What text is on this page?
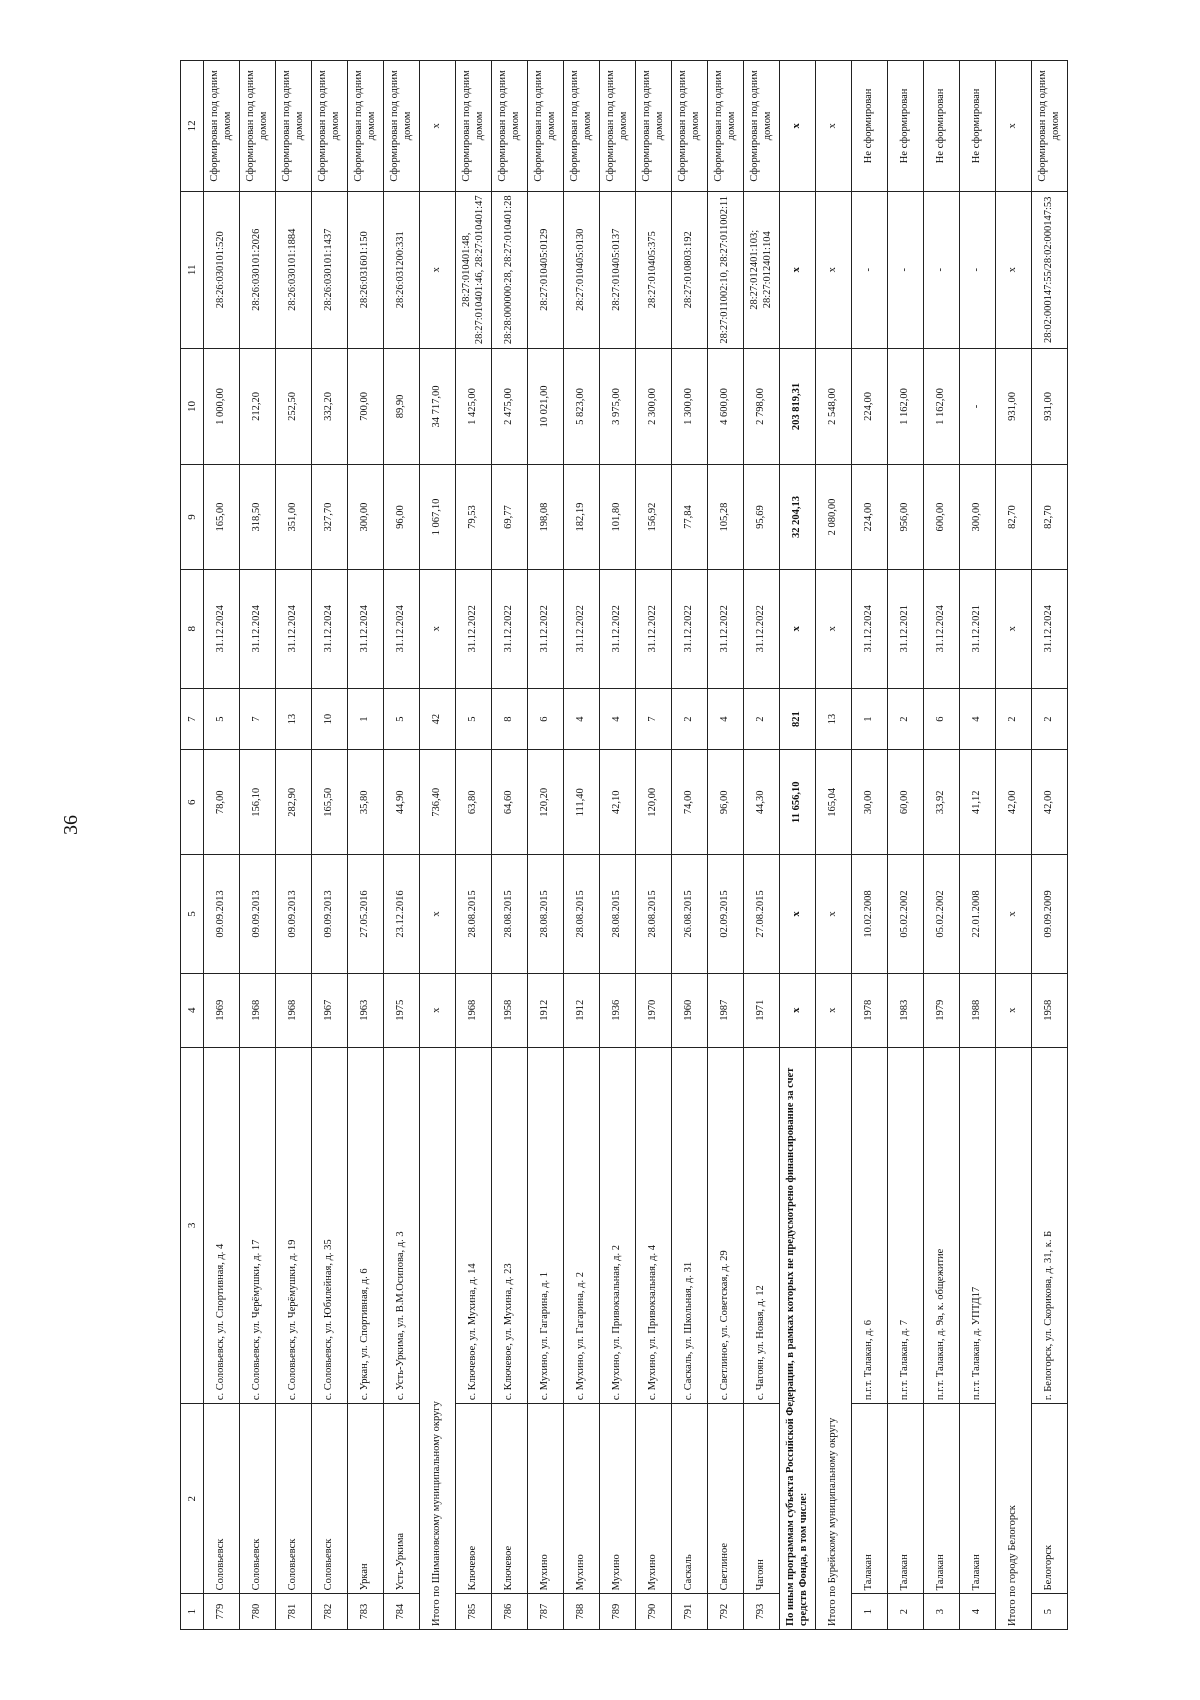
36
1	2	3	4	5	6	7	8	9	10	11	12
779	Соловьевск	с. Соловьевск, ул. Спортивная, д. 4	1969	09.09.2013	78,00	5	31.12.2024	165,00	1 000,00	28:26:030101:520	Сформирован под одним домом
780	Соловьевск	с. Соловьевск, ул. Черёмушки, д. 17	1968	09.09.2013	156,10	7	31.12.2024	318,50	212,20	28:26:030101:2026	Сформирован под одним домом
781	Соловьевск	с. Соловьевск, ул. Черёмушки, д. 19	1968	09.09.2013	282,90	13	31.12.2024	351,00	252,50	28:26:030101:1884	Сформирован под одним домом
782	Соловьевск	с. Соловьевск, ул. Юбилейная, д. 35	1967	09.09.2013	165,50	10	31.12.2024	327,70	332,20	28:26:030101:1437	Сформирован под одним домом
783	Уркан	с. Уркан, ул. Спортивная, д. 6	1963	27.05.2016	35,80	1	31.12.2024	300,00	700,00	28:26:031601:150	Сформирован под одним домом
784	Усть-Уркима	с. Усть-Уркима, ул. В.М.Осипова, д. 3	1975	23.12.2016	44,90	5	31.12.2024	96,00	89,90	28:26:031200:331	Сформирован под одним домом
Итого по Шимановскому муниципальному округу			x	x	736,40	42	x	1 067,10	34 717,00	x	x
785	Ключевое	с. Ключевое, ул. Мухина, д. 14	1968	28.08.2015	63,80	5	31.12.2022	79,53	1 425,00	28:27:010401:48, 28:27:010401:46, 28:27:010401:47	Сформирован под одним домом
786	Ключевое	с. Ключевое, ул. Мухина, д. 23	1958	28.08.2015	64,60	8	31.12.2022	69,77	2 475,00	28:28:000000:28, 28:27:010401:28	Сформирован под одним домом
787	Мухино	с. Мухино, ул. Гагарина, д. 1	1912	28.08.2015	120,20	6	31.12.2022	198,08	10 021,00	28:27:010405:0129	Сформирован под одним домом
788	Мухино	с. Мухино, ул. Гагарина, д. 2	1912	28.08.2015	111,40	4	31.12.2022	182,19	5 823,00	28:27:010405:0130	Сформирован под одним домом
789	Мухино	с. Мухино, ул. Привокзальная, д. 2	1936	28.08.2015	42,10	4	31.12.2022	101,80	3 975,00	28:27:010405:0137	Сформирован под одним домом
790	Мухино	с. Мухино, ул. Привокзальная, д. 4	1970	28.08.2015	120,00	7	31.12.2022	156,92	2 300,00	28:27:010405:375	Сформирован под одним домом
791	Саскаль	с. Саскаль, ул. Школьная, д. 31	1960	26.08.2015	74,00	2	31.12.2022	77,84	1 300,00	28:27:010803:192	Сформирован под одним домом
792	Светлиное	с. Светлиное, ул. Советская, д. 29	1987	02.09.2015	96,00	4	31.12.2022	105,28	4 600,00	28:27:011002:10, 28:27:011002:11	Сформирован под одним домом
793	Чагоян	с. Чагоян, ул. Новая, д. 12	1971	27.08.2015	44,30	2	31.12.2022	95,69	2 798,00	28:27:012401:103; 28:27:012401:104	Сформирован под одним домом
По иным программам субъекта Российской Федерации, в рамках которых не предусмотрено финансирование за счет средств Фонда, в том числе:			x	x	11 656,10	821	x	32 204,13	203 819,31	x	x
Итого по Бурейскому муниципальному округу			x	x	165,04	13	x	2 080,00	2 548,00	x	x
1	Талакан	п.г.т. Талакан, д. 6	1978	10.02.2008	30,00	1	31.12.2024	224,00	224,00	-	Не сформирован
2	Талакан	п.г.т. Талакан, д. 7	1983	05.02.2002	60,00	2	31.12.2021	956,00	1 162,00	-	Не сформирован
3	Талакан	п.г.т. Талакан, д. 9а, к. общежитие	1979	05.02.2002	33,92	6	31.12.2024	600,00	1 162,00	-	Не сформирован
4	Талакан	п.г.т. Талакан, д. УПТД17	1988	22.01.2008	41,12	4	31.12.2021	300,00	-	-	Не сформирован
Итого по городу Белогорск			x	x	42,00	2	x	82,70	931,00	x	x
5	Белогорск	г. Белогорск, ул. Скорикова, д. 31, к. Б	1958	09.09.2009	42,00	2	31.12.2024	82,70	931,00	28:02:000147:55/28:02:000147:53	Сформирован под одним домом
